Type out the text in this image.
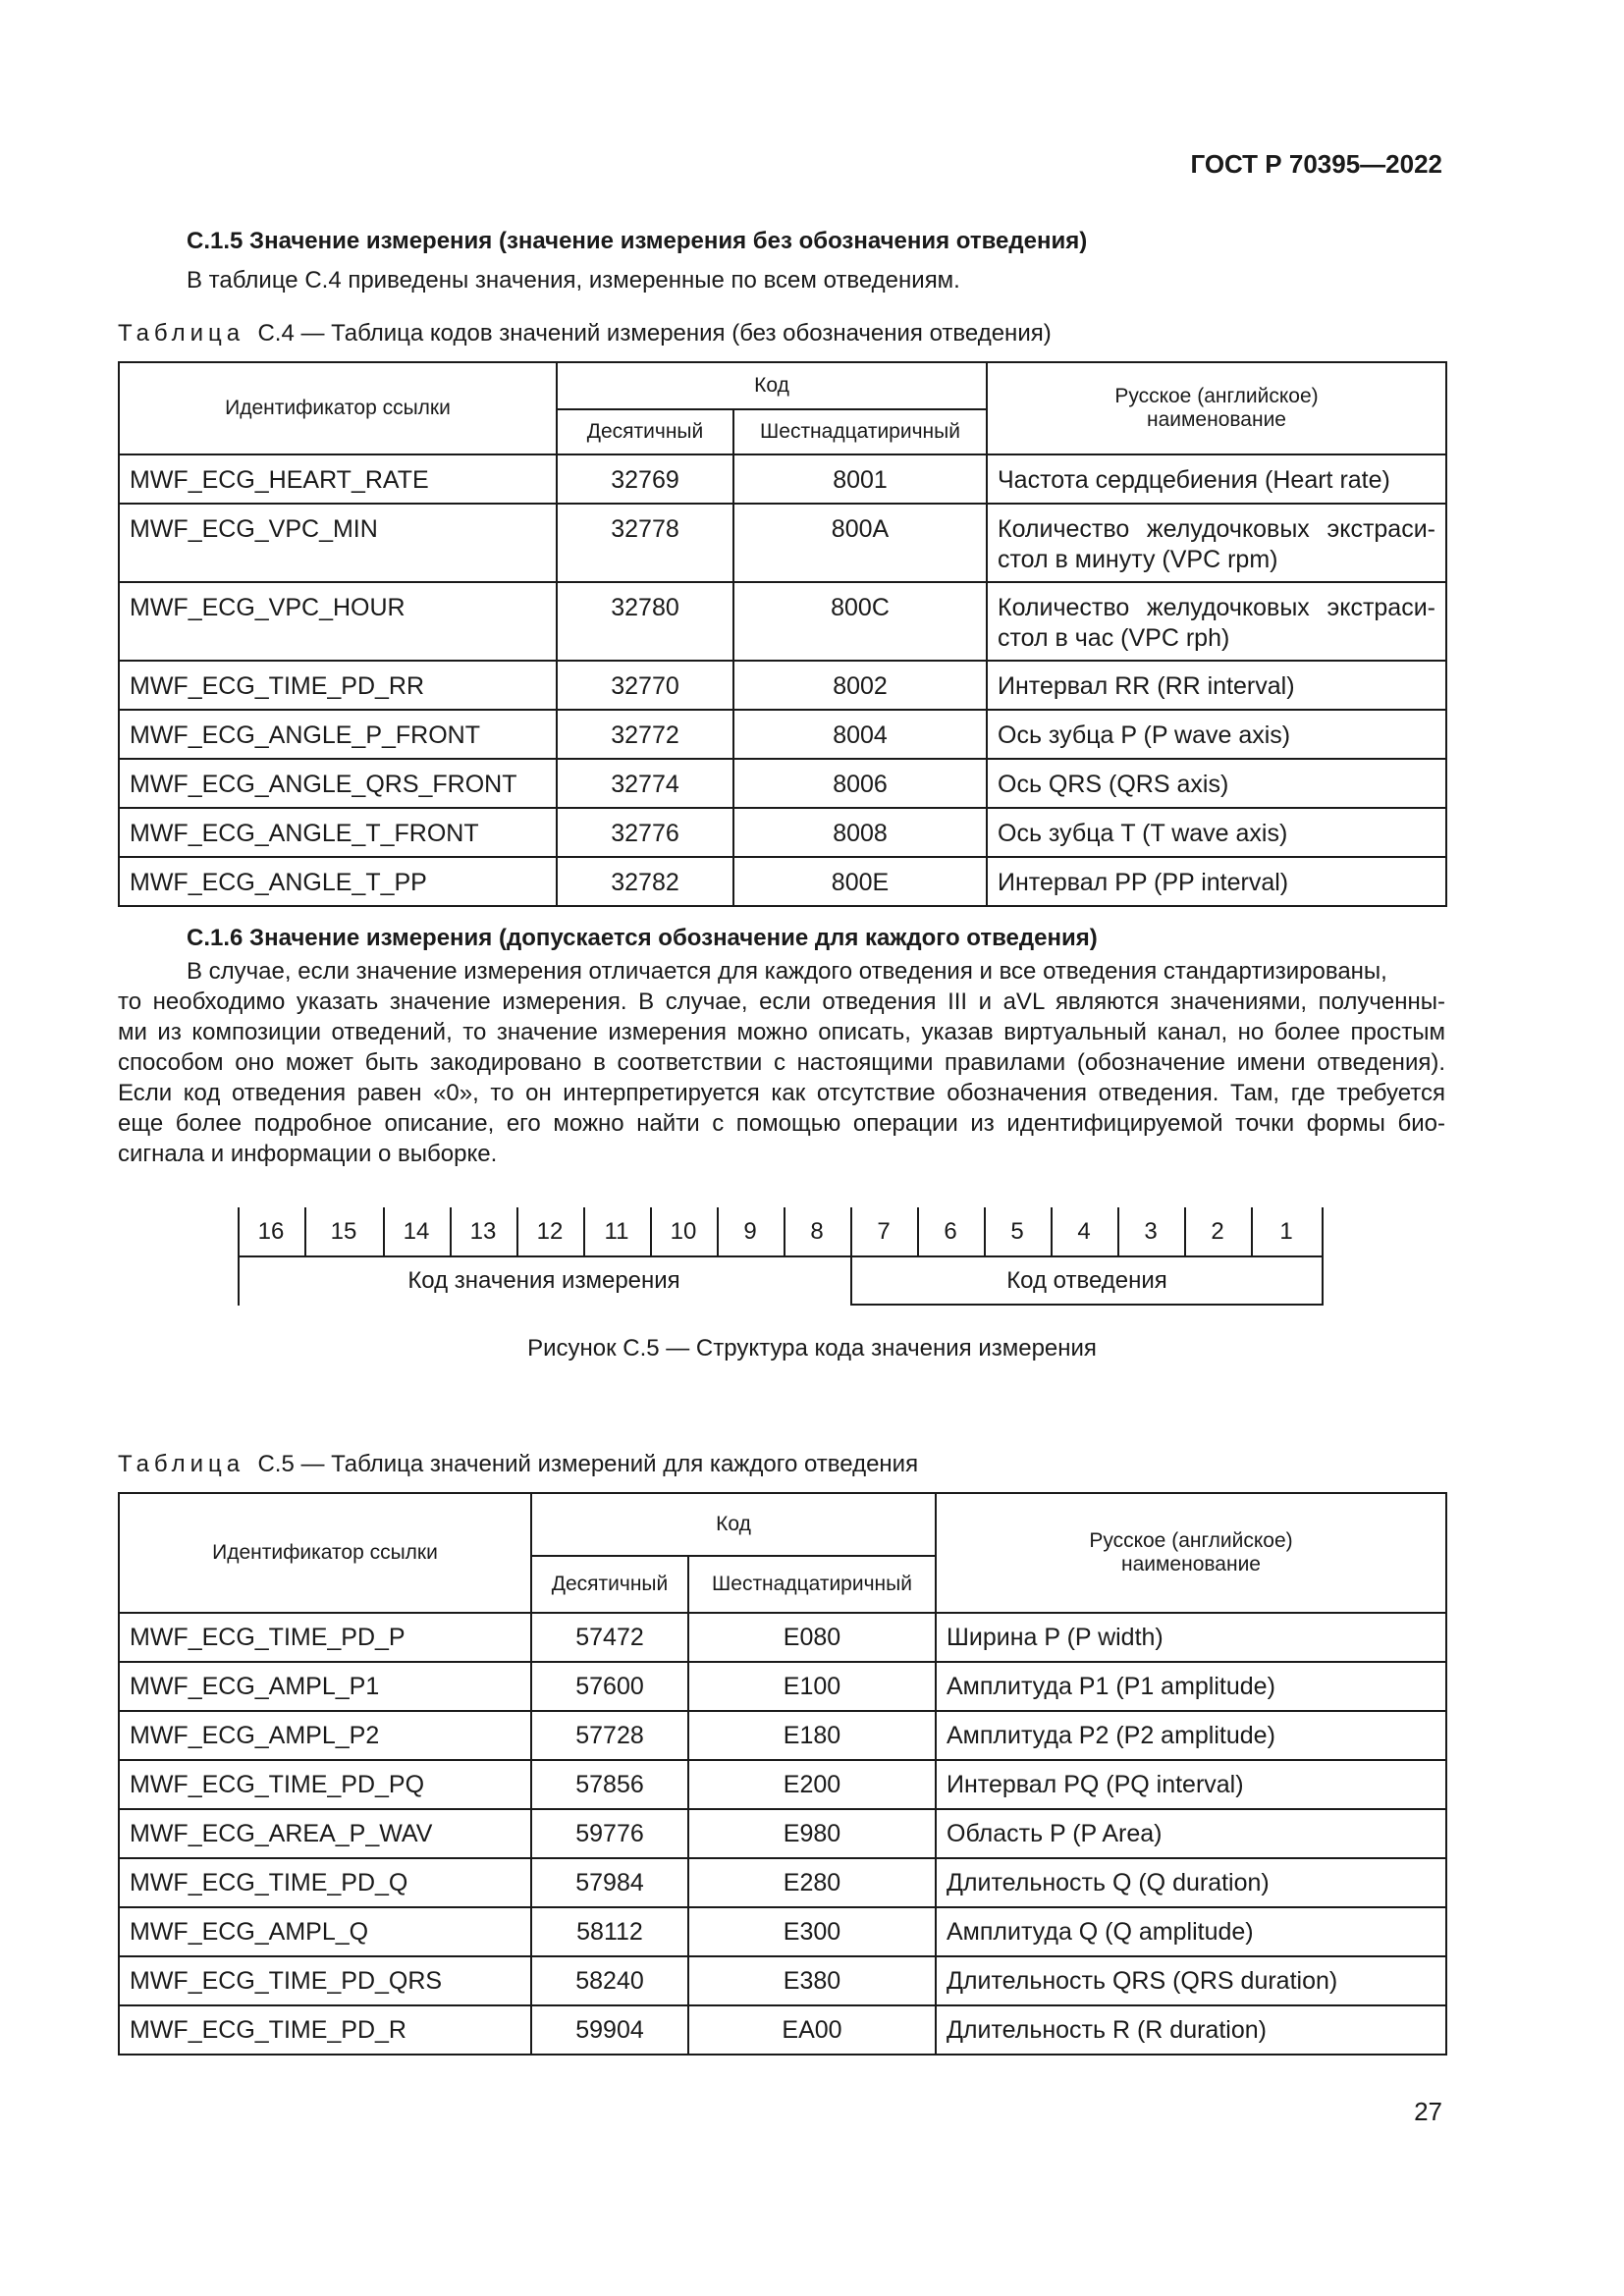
ГОСТ Р 70395—2022
С.1.5 Значение измерения (значение измерения без обозначения отведения)
В таблице С.4 приведены значения, измеренные по всем отведениям.
Таблица С.4 — Таблица кодов значений измерения (без обозначения отведения)
Идентификатор ссылки	Код		Русское (английское)
наименование
	Десятичный	Шестнадцатиричный	
MWF_ECG_HEART_RATE	32769	8001	Частота сердцебиения (Heart rate)

MWF_ECG_VPC_MIN	32778	800A	Количество желудочковых экстраси-
стол в минуту (VPC rpm)

MWF_ECG_VPC_HOUR	32780	800C	Количество желудочковых экстраси-
стол в час (VPC rph)

MWF_ECG_TIME_PD_RR	32770	8002	Интервал RR (RR interval)

MWF_ECG_ANGLE_P_FRONT	32772	8004	Ось зубца P (P wave axis)

MWF_ECG_ANGLE_QRS_FRONT	32774	8006	Ось QRS (QRS axis)

MWF_ECG_ANGLE_T_FRONT	32776	8008	Ось зубца T (T wave axis)

MWF_ECG_ANGLE_T_PP	32782	800E	Интервал PP (PP interval)
С.1.6 Значение измерения (допускается обозначение для каждого отведения)

В случае, если значение измерения отличается для каждого отведения и все отведения стандартизированы,

то необходимо указать значение измерения. В случае, если отведения III и aVL являются значениями, полученны-

ми из композиции отведений, то значение измерения можно описать, указав виртуальный канал, но более простым

способом оно может быть закодировано в соответствии с настоящими правилами (обозначение имени отведения).

Если код отведения равен «0», то он интерпретируется как отсутствие обозначения отведения. Там, где требуется

еще более подробное описание, его можно найти с помощью операции из идентифицируемой точки формы био-

сигнала и информации о выборке.

16	15	14	13	12	11	10	9	8	7	6	5	4	3	2	1
Код значения измерения	Код отведения
Рисунок С.5 — Структура кода значения измерения
Таблица С.5 — Таблица значений измерений для каждого отведения
Идентификатор ссылки	Код		Русское (английское)
наименование
	Десятичный	Шестнадцатиричный	
MWF_ECG_TIME_PD_P	57472	E080	Ширина P (P width)
MWF_ECG_AMPL_P1	57600	E100	Амплитуда P1 (P1 amplitude)
MWF_ECG_AMPL_P2	57728	E180	Амплитуда P2 (P2 amplitude)
MWF_ECG_TIME_PD_PQ	57856	E200	Интервал PQ (PQ interval)
MWF_ECG_AREA_P_WAV	59776	E980	Область P (P Area)
MWF_ECG_TIME_PD_Q	57984	E280	Длительность Q (Q duration)
MWF_ECG_AMPL_Q	58112	E300	Амплитуда Q (Q amplitude)
MWF_ECG_TIME_PD_QRS	58240	E380	Длительность QRS (QRS duration)
MWF_ECG_TIME_PD_R	59904	EA00	Длительность R (R duration)
27
